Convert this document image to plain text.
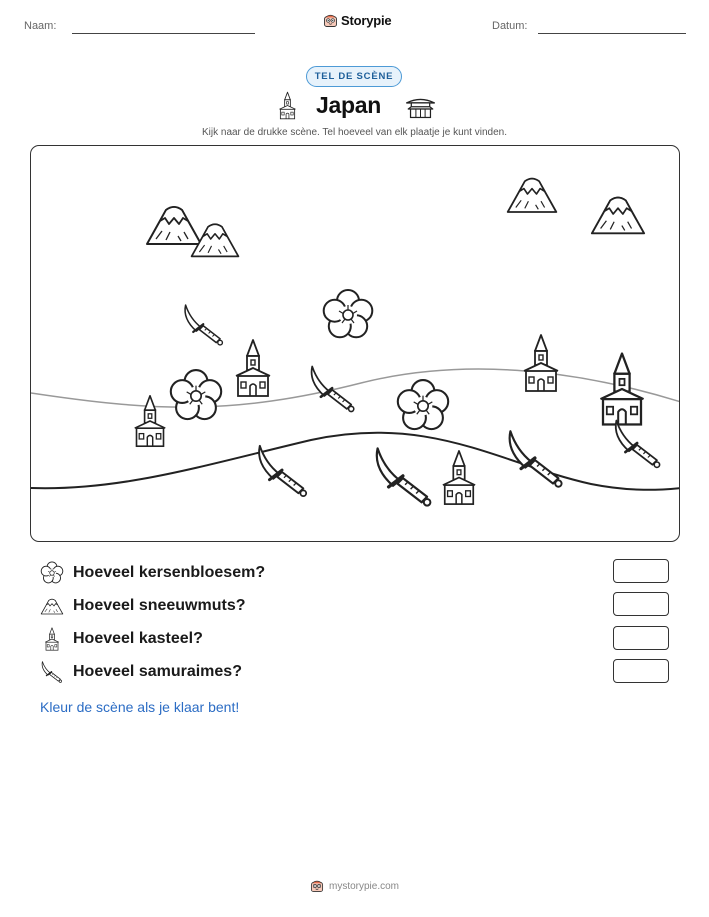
Naam:	Storypie	Datum:
TEL DE SCÈNE
Japan
Kijk naar de drukke scène. Tel hoeveel van elk plaatje je kunt vinden.
Hoeveel kersenbloesem?
Hoeveel sneeuwmuts?
Hoeveel kasteel?
Hoeveel samuraimes?
Kleur de scène als je klaar bent!
mystorypie.com
